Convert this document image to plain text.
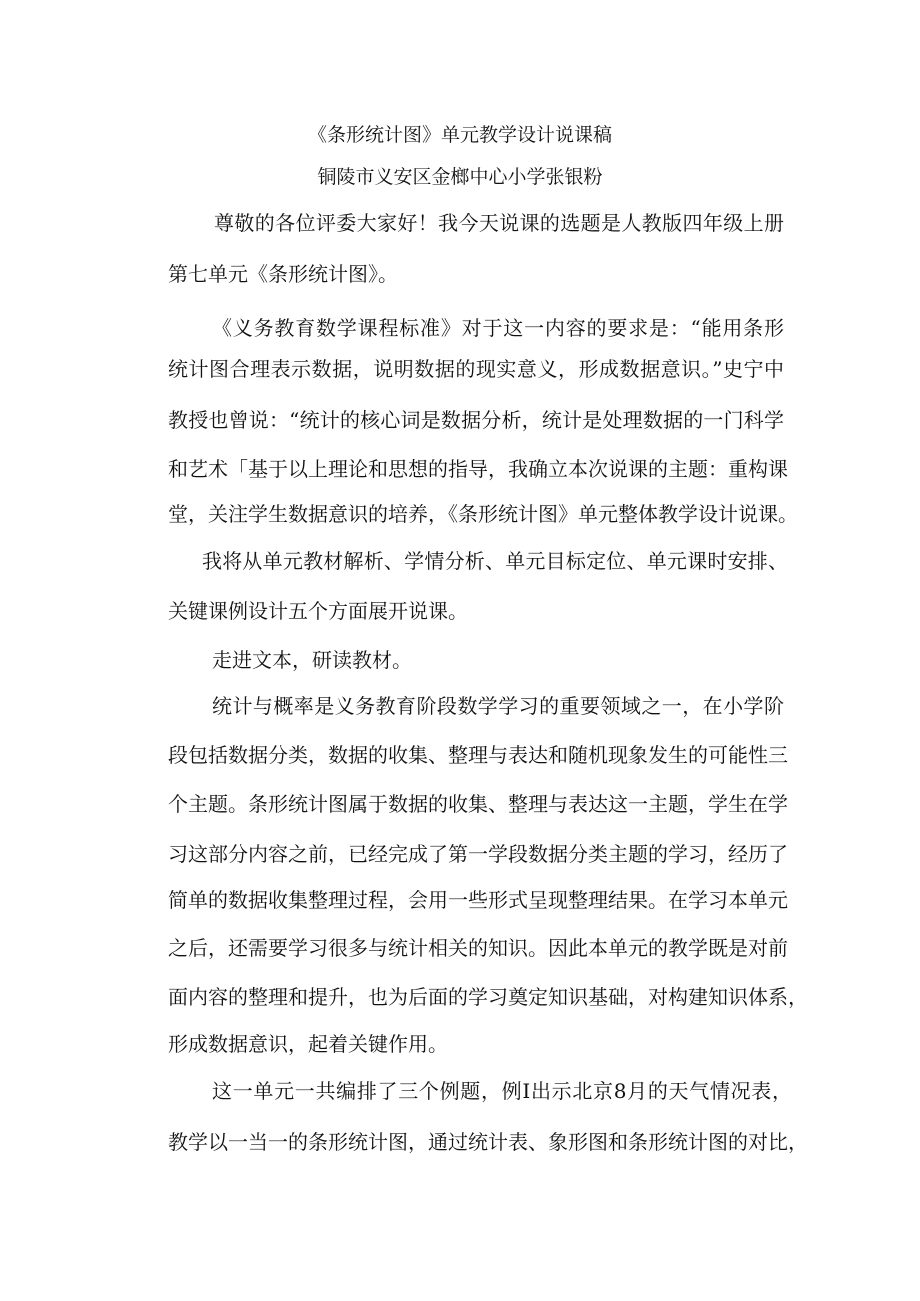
《条形统计图》单元教学设计说课稿
铜陵市义安区金榔中心小学张银粉
尊敬的各位评委大家好！我今天说课的选题是人教版四年级上册
第七单元《条形统计图》。
《义务教育数学课程标准》对于这一内容的要求是：“能用条形
统计图合理表示数据，说明数据的现实意义，形成数据意识。”史宁中
教授也曾说：“统计的核心词是数据分析，统计是处理数据的一门科学
和艺术「基于以上理论和思想的指导，我确立本次说课的主题：重构课
堂，关注学生数据意识的培养，《条形统计图》单元整体教学设计说课。
我将从单元教材解析、学情分析、单元目标定位、单元课时安排、
关键课例设计五个方面展开说课。
走进文本，研读教材。
统计与概率是义务教育阶段数学学习的重要领域之一，在小学阶
段包括数据分类，数据的收集、整理与表达和随机现象发生的可能性三
个主题。条形统计图属于数据的收集、整理与表达这一主题，学生在学
习这部分内容之前，已经完成了第一学段数据分类主题的学习，经历了
简单的数据收集整理过程，会用一些形式呈现整理结果。在学习本单元
之后，还需要学习很多与统计相关的知识。因此本单元的教学既是对前
面内容的整理和提升，也为后面的学习奠定知识基础，对构建知识体系，
形成数据意识，起着关键作用。
这一单元一共编排了三个例题，例Ⅰ出示北京8月的天气情况表，
教学以一当一的条形统计图，通过统计表、象形图和条形统计图的对比，
